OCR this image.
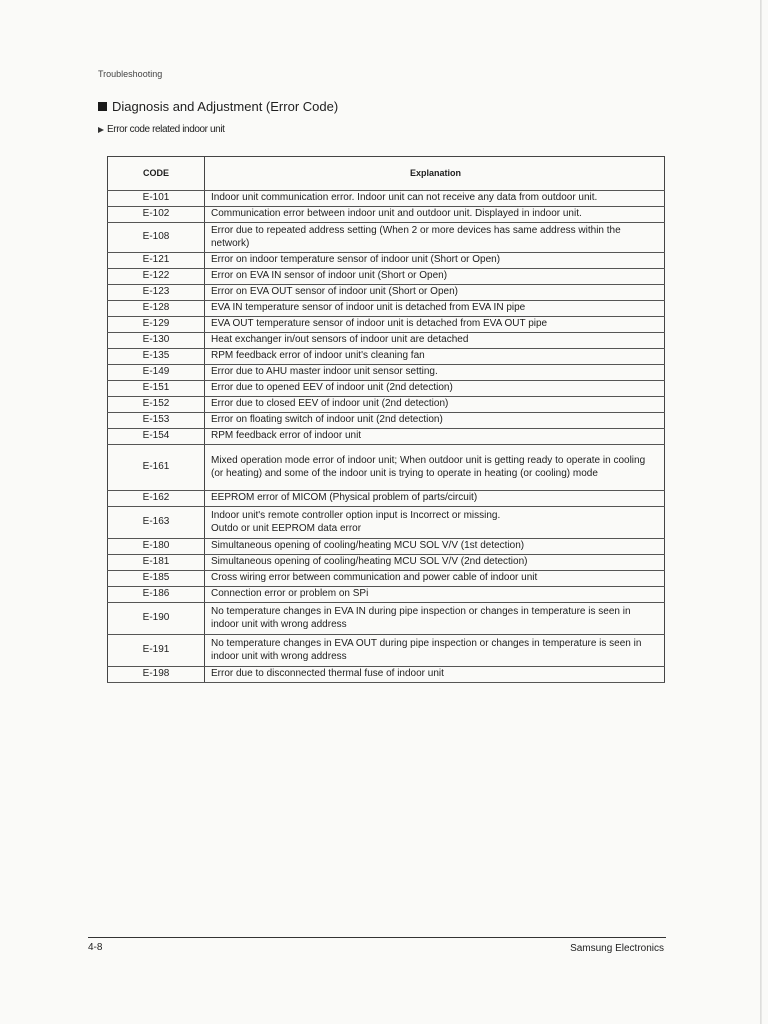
Troubleshooting
Diagnosis and Adjustment (Error Code)
Error code related indoor unit
CODE	Explanation
E-101	Indoor unit communication error. Indoor unit can not receive any data from outdoor unit.
E-102	Communication error between indoor unit and outdoor unit. Displayed in indoor unit.
E-108	Error due to repeated address setting (When 2 or more devices has same address within the network)
E-121	Error on indoor temperature sensor of indoor unit (Short or Open)
E-122	Error on EVA IN sensor of indoor unit (Short or Open)
E-123	Error on EVA OUT sensor of indoor unit (Short or Open)
E-128	EVA IN temperature sensor of indoor unit is detached from EVA IN pipe
E-129	EVA OUT temperature sensor of indoor unit is detached from EVA OUT pipe
E-130	Heat exchanger in/out sensors of indoor unit are detached
E-135	RPM feedback error of indoor unit's cleaning fan
E-149	Error due to AHU master indoor unit sensor setting.
E-151	Error due to opened EEV of indoor unit (2nd detection)
E-152	Error due to closed EEV of indoor unit (2nd detection)
E-153	Error on floating switch of indoor unit (2nd detection)
E-154	RPM feedback error of indoor unit
E-161	Mixed operation mode error of indoor unit; When outdoor unit is getting ready to operate in cooling (or heating) and some of the indoor unit is trying to operate in heating (or cooling) mode
E-162	EEPROM error of MICOM (Physical problem of parts/circuit)
E-163	Indoor unit's remote controller option input is Incorrect or missing.
Outdo or unit EEPROM data error
E-180	Simultaneous opening of cooling/heating MCU SOL V/V (1st detection)
E-181	Simultaneous opening of cooling/heating MCU SOL V/V (2nd detection)
E-185	Cross wiring error between communication and power cable of indoor unit
E-186	Connection error or problem on SPi
E-190	No temperature changes in EVA IN during pipe inspection or changes in temperature is seen in indoor unit with wrong address
E-191	No temperature changes in EVA OUT during pipe inspection or changes in temperature is seen in indoor unit with wrong address
E-198	Error due to disconnected thermal fuse of indoor unit
4-8	Samsung Electronics
